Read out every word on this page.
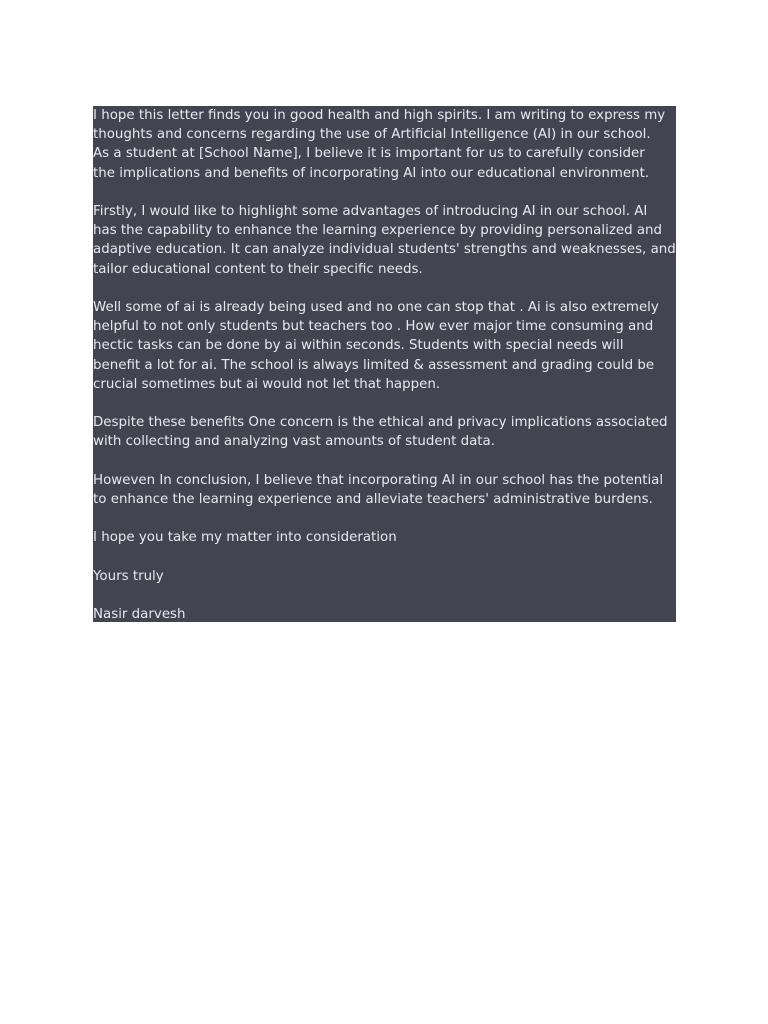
I hope this letter finds you in good health and high spirits. I am writing to express my
thoughts and concerns regarding the use of Artificial Intelligence (AI) in our school.
As a student at [School Name], I believe it is important for us to carefully consider
the implications and benefits of incorporating AI into our educational environment.

Firstly, I would like to highlight some advantages of introducing AI in our school. AI
has the capability to enhance the learning experience by providing personalized and
adaptive education. It can analyze individual students' strengths and weaknesses, and
tailor educational content to their specific needs.

Well some of ai is already being used and no one can stop that . Ai is also extremely
helpful to not only students but teachers too . How ever major time consuming and
hectic tasks can be done by ai within seconds. Students with special needs will
benefit a lot for ai. The school is always limited & assessment and grading could be
crucial sometimes but ai would not let that happen.

Despite these benefits One concern is the ethical and privacy implications associated
with collecting and analyzing vast amounts of student data.

Howeven In conclusion, I believe that incorporating AI in our school has the potential
to enhance the learning experience and alleviate teachers' administrative burdens.

I hope you take my matter into consideration

Yours truly

Nasir darvesh
